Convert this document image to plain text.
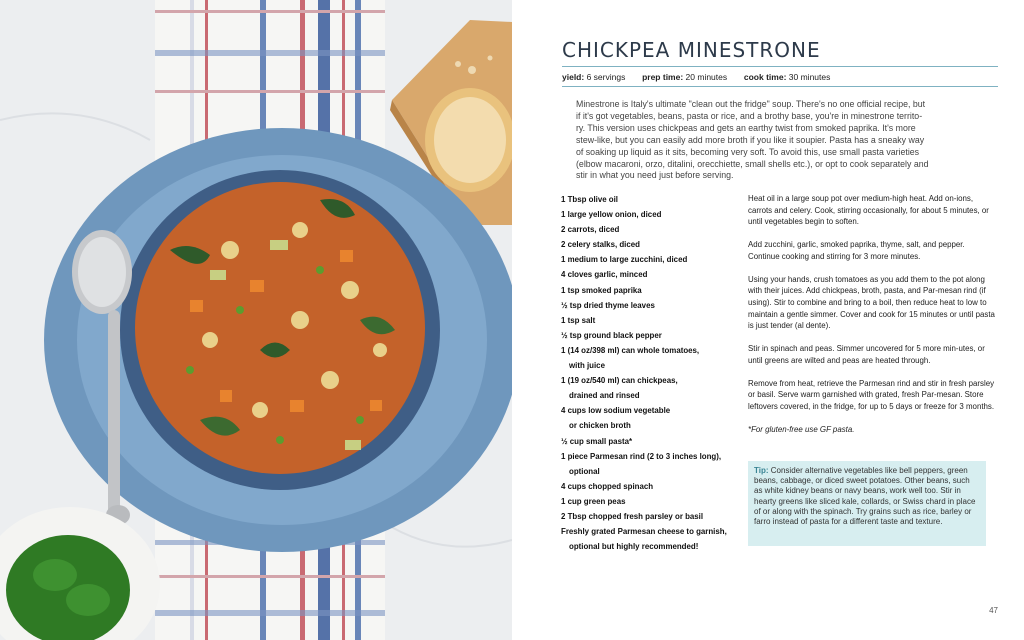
CHICKPEA MINESTRONE
yield: 6 servings prep time: 20 minutes cook time: 30 minutes
Minestrone is Italy's ultimate "clean out the fridge" soup. There's no one official recipe, but
if it's got vegetables, beans, pasta or rice, and a brothy base, you're in minestrone territo-
ry. This version uses chickpeas and gets an earthy twist from smoked paprika. It's more
stew-like, but you can easily add more broth if you like it soupier. Pasta has a sneaky way
of soaking up liquid as it sits, becoming very soft. To avoid this, use small pasta varieties
(elbow macaroni, orzo, ditalini, orecchiette, small shells etc.), or opt to cook separately and
stir in what you need just before serving.
1 Tbsp olive oil
1 large yellow onion, diced
2 carrots, diced
2 celery stalks, diced
1 medium to large zucchini, diced
4 cloves garlic, minced
1 tsp smoked paprika
½ tsp dried thyme leaves
1 tsp salt
½ tsp ground black pepper
1 (14 oz/398 ml) can whole tomatoes,
with juice
1 (19 oz/540 ml) can chickpeas,
drained and rinsed
4 cups low sodium vegetable
or chicken broth
½ cup small pasta*
1 piece Parmesan rind (2 to 3 inches long),
optional
4 cups chopped spinach
1 cup green peas
2 Tbsp chopped fresh parsley or basil
Freshly grated Parmesan cheese to garnish,
optional but highly recommended!

Heat oil in a large soup pot over medium-high heat. Add on-ions, carrots and celery. Cook, stirring occasionally, for about 5 minutes, or until vegetables begin to soften.

Add zucchini, garlic, smoked paprika, thyme, salt, and pepper. Continue cooking and stirring for 3 more minutes.

Using your hands, crush tomatoes as you add them to the pot along with their juices. Add chickpeas, broth, pasta, and Par-mesan rind (if using). Stir to combine and bring to a boil, then reduce heat to low to maintain a gentle simmer. Cover and cook for 15 minutes or until pasta is just tender (al dente).

Stir in spinach and peas. Simmer uncovered for 5 more min-utes, or until greens are wilted and peas are heated through.

Remove from heat, retrieve the Parmesan rind and stir in fresh parsley or basil. Serve warm garnished with grated, fresh Par-mesan. Store leftovers covered, in the fridge, for up to 5 days or freeze for 3 months.

*For gluten-free use GF pasta.

Tip: Consider alternative vegetables like bell peppers, green beans, cabbage, or diced sweet potatoes. Other beans, such as white kidney beans or navy beans, work well too. Stir in hearty greens like sliced kale, collards, or Swiss chard in place of or along with the spinach. Try grains such as rice, barley or farro instead of pasta for a different taste and texture.
47
